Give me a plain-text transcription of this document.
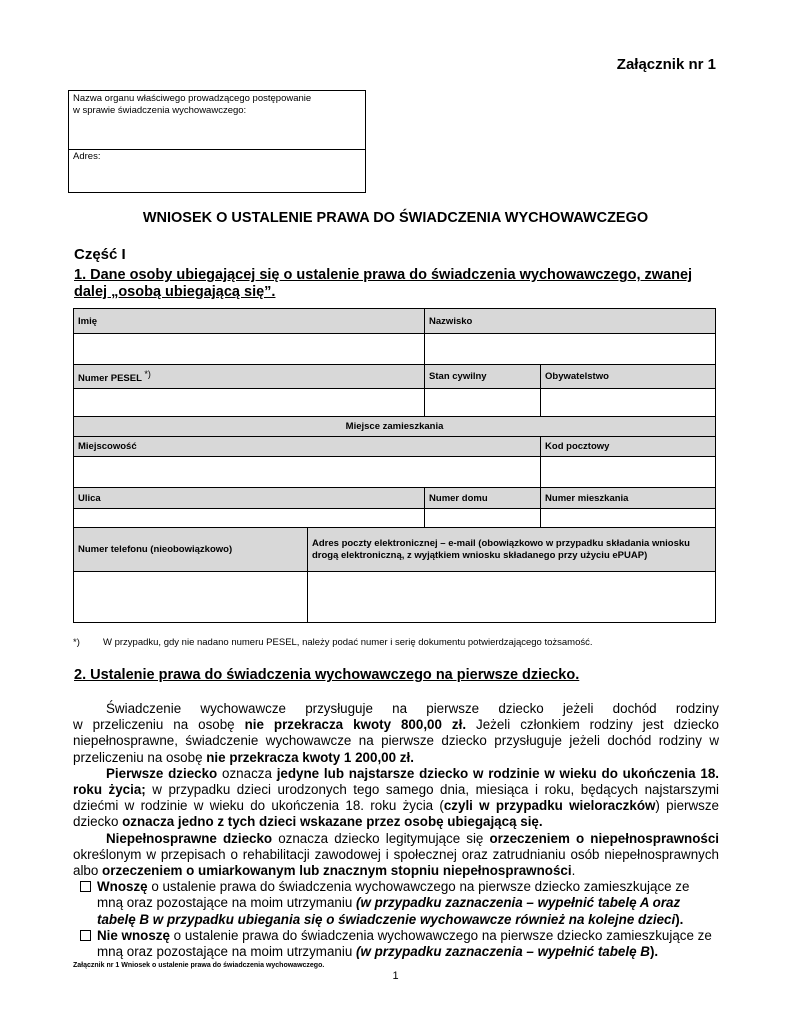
Załącznik nr 1
Nazwa organu właściwego prowadzącego postępowanie
w sprawie świadczenia wychowawczego:
Adres:
WNIOSEK O USTALENIE PRAWA DO ŚWIADCZENIA WYCHOWAWCZEGO
Część I
1. Dane osoby ubiegającej się o ustalenie prawa do świadczenia wychowawczego, zwanej dalej „osobą ubiegającą się”.
Imię		Nazwisko	

Numer PESEL *)		Stan cywilny	Obywatelstwo

Miejsce zamieszkania			
Miejscowość			Kod pocztowy

Ulica		Numer domu	Numer mieszkania

Numer telefonu (nieobowiązkowo)	Adres poczty elektronicznej – e-mail (obowiązkowo w przypadku składania wniosku drogą elektroniczną, z wyjątkiem wniosku składanego przy użyciu ePUAP)		

*) W przypadku, gdy nie nadano numeru PESEL, należy podać numer i serię dokumentu potwierdzającego tożsamość.
2. Ustalenie prawa do świadczenia wychowawczego na pierwsze dziecko.

Świadczenie wychowawcze przysługuje na pierwsze dziecko jeżeli dochód rodziny

w przeliczeniu na osobę nie przekracza kwoty 800,00 zł. Jeżeli członkiem rodziny jest dziecko niepełnosprawne, świadczenie wychowawcze na pierwsze dziecko przysługuje jeżeli dochód rodziny w przeliczeniu na osobę nie przekracza kwoty 1 200,00 zł.

Pierwsze dziecko oznacza jedyne lub najstarsze dziecko w rodzinie w wieku do ukończenia 18. roku życia; w przypadku dzieci urodzonych tego samego dnia, miesiąca i roku, będących najstarszymi dziećmi w rodzinie w wieku do ukończenia 18. roku życia (czyli w przypadku wieloraczków) pierwsze dziecko oznacza jedno z tych dzieci wskazane przez osobę ubiegającą się.

Niepełnosprawne dziecko oznacza dziecko legitymujące się orzeczeniem o niepełnosprawności określonym w przepisach o rehabilitacji zawodowej i społecznej oraz zatrudnianiu osób niepełnosprawnych albo orzeczeniem o umiarkowanym lub znacznym stopniu niepełnosprawności.

Wnoszę o ustalenie prawa do świadczenia wychowawczego na pierwsze dziecko zamieszkujące ze mną oraz pozostające na moim utrzymaniu (w przypadku zaznaczenia – wypełnić tabelę A oraz tabelę B w przypadku ubiegania się o świadczenie wychowawcze również na kolejne dzieci).

Nie wnoszę o ustalenie prawa do świadczenia wychowawczego na pierwsze dziecko zamieszkujące ze mną oraz pozostające na moim utrzymaniu (w przypadku zaznaczenia – wypełnić tabelę B).

Załącznik nr 1 Wniosek o ustalenie prawa do świadczenia wychowawczego.
1
